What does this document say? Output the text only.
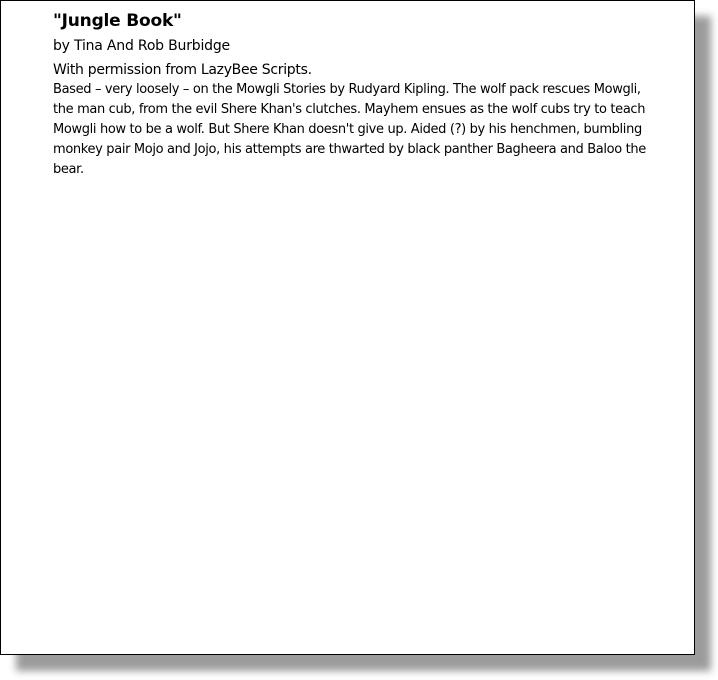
"Jungle Book"

by Tina And Rob Burbidge

With permission from LazyBee Scripts.

Based – very loosely – on the Mowgli Stories by Rudyard Kipling. The wolf pack rescues Mowgli, the man cub, from the evil Shere Khan's clutches. Mayhem ensues as the wolf cubs try to teach Mowgli how to be a wolf. But Shere Khan doesn't give up. Aided (?) by his henchmen, bumbling monkey pair Mojo and Jojo, his attempts are thwarted by black panther Bagheera and Baloo the bear.
